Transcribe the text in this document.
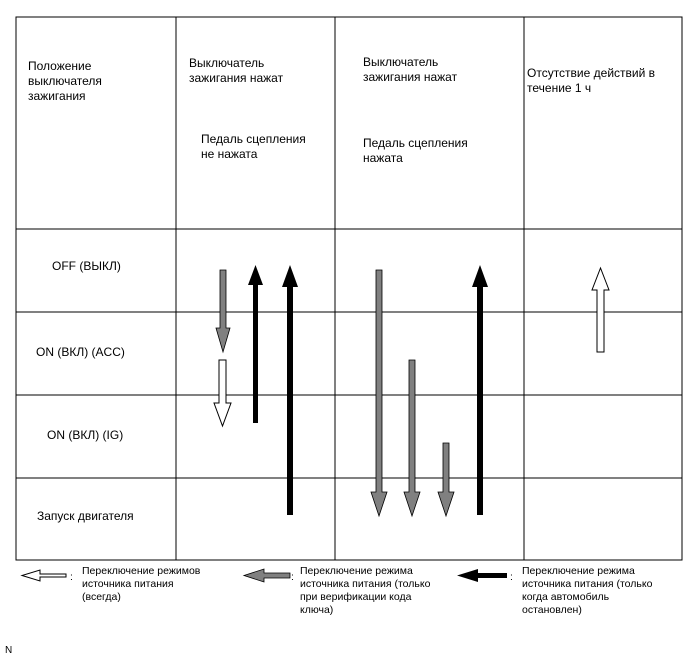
Положение
выключателя
зажигания
Выключатель
зажигания нажат
Педаль сцепления
не нажата
Выключатель
зажигания нажат
Педаль сцепления
нажата
Отсутствие действий в
течение 1 ч
OFF (ВЫКЛ)
ON (ВКЛ) (ACC)
ON (ВКЛ) (IG)
Запуск двигателя
: Переключение режимов
источника питания
(всегда)
: Переключение режима
источника питания (только
при верификации кода
ключа)
: Переключение режима
источника питания (только
когда автомобиль
остановлен)
N
